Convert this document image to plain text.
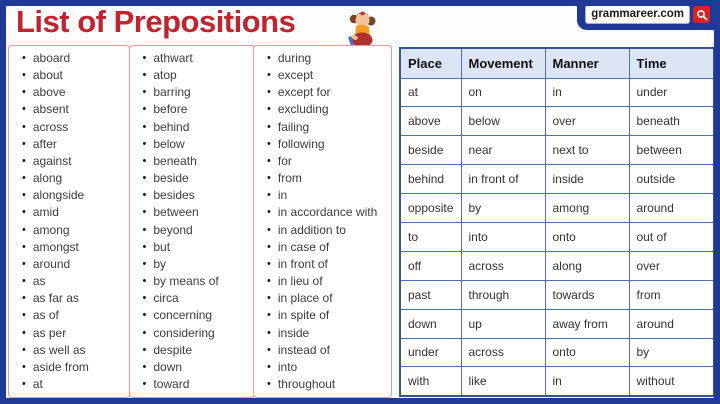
List of Prepositions	grammareer.com
• aboard
• about
• above
• absent
• across
• after
• against
• along
• alongside
• amid
• among
• amongst
• around
• as
• as far as
• as of
• as per
• as well as
• aside from
• at
• athwart
• atop
• barring
• before
• behind
• below
• beneath
• beside
• besides
• between
• beyond
• but
• by
• by means of
• circa
• concerning
• considering
• despite
• down
• toward
• during
• except
• except for
• excluding
• failing
• following
• for
• from
• in
• in accordance with
• in addition to
• in case of
• in front of
• in lieu of
• in place of
• in spite of
• inside
• instead of
• into
• throughout
Place	Movement	Manner	Time
at	on	in	under
above	below	over	beneath
beside	near	next to	between
behind	in front of	inside	outside
opposite	by	among	around
to	into	onto	out of
off	across	along	over
past	through	towards	from
down	up	away from	around
under	across	onto	by
with	like	in	without
